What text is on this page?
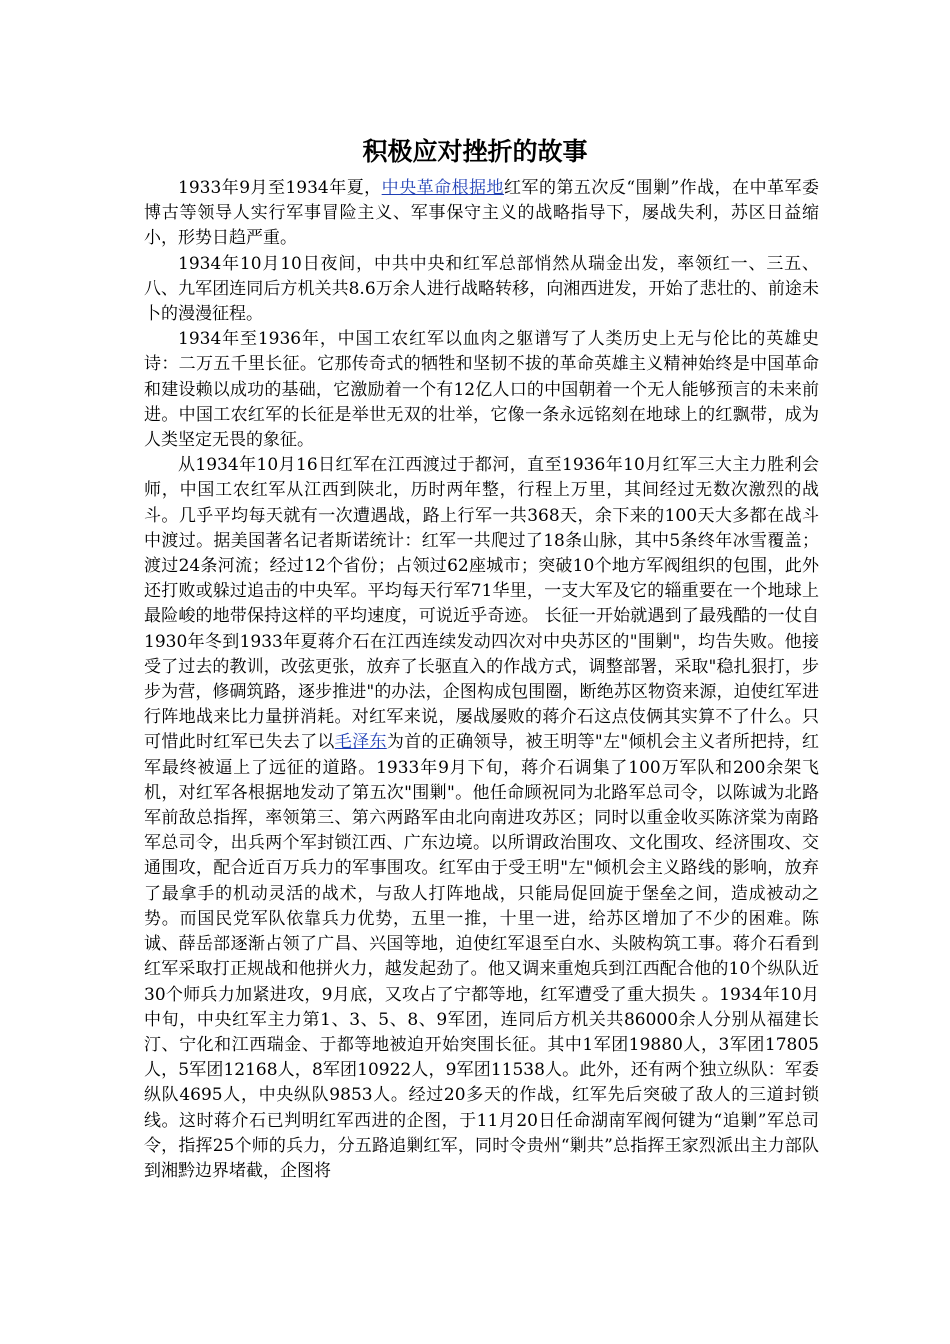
积极应对挫折的故事

1933年9月至1934年夏，中央革命根据地红军的第五次反“围剿”作战，在中革军委博古等领导人实行军事冒险主义、军事保守主义的战略指导下，屡战失利，苏区日益缩小，形势日趋严重。

1934年10月10日夜间，中共中央和红军总部悄然从瑞金出发，率领红一、三五、八、九军团连同后方机关共8.6万余人进行战略转移，向湘西进发，开始了悲壮的、前途未卜的漫漫征程。

1934年至1936年，中国工农红军以血肉之躯谱写了人类历史上无与伦比的英雄史诗：二万五千里长征。它那传奇式的牺牲和坚韧不拔的革命英雄主义精神始终是中国革命和建设赖以成功的基础，它激励着一个有12亿人口的中国朝着一个无人能够预言的未来前进。中国工农红军的长征是举世无双的壮举，它像一条永远铭刻在地球上的红飘带，成为人类坚定无畏的象征。

从1934年10月16日红军在江西渡过于都河，直至1936年10月红军三大主力胜利会师，中国工农红军从江西到陕北，历时两年整，行程上万里，其间经过无数次激烈的战斗。几乎平均每天就有一次遭遇战，路上行军一共368天，余下来的100天大多都在战斗中渡过。据美国著名记者斯诺统计：红军一共爬过了18条山脉，其中5条终年冰雪覆盖；渡过24条河流；经过12个省份；占领过62座城市；突破10个地方军阀组织的包围，此外还打败或躲过追击的中央军。平均每天行军71华里，一支大军及它的辎重要在一个地球上最险峻的地带保持这样的平均速度，可说近乎奇迹。 长征一开始就遇到了最残酷的一仗自1930年冬到1933年夏蒋介石在江西连续发动四次对中央苏区的"围剿"，均告失败。他接受了过去的教训，改弦更张，放弃了长驱直入的作战方式，调整部署，采取"稳扎狠打，步步为营，修碉筑路，逐步推进"的办法，企图构成包围圈，断绝苏区物资来源，迫使红军进行阵地战来比力量拼消耗。对红军来说，屡战屡败的蒋介石这点伎俩其实算不了什么。只可惜此时红军已失去了以毛泽东为首的正确领导，被王明等"左"倾机会主义者所把持，红军最终被逼上了远征的道路。1933年9月下旬，蒋介石调集了100万军队和200余架飞机，对红军各根据地发动了第五次"围剿"。他任命顾祝同为北路军总司令，以陈诚为北路军前敌总指挥，率领第三、第六两路军由北向南进攻苏区；同时以重金收买陈济棠为南路军总司令，出兵两个军封锁江西、广东边境。以所谓政治围攻、文化围攻、经济围攻、交通围攻，配合近百万兵力的军事围攻。红军由于受王明"左"倾机会主义路线的影响，放弃了最拿手的机动灵活的战术，与敌人打阵地战，只能局促回旋于堡垒之间，造成被动之势。而国民党军队依靠兵力优势，五里一推，十里一进，给苏区增加了不少的困难。陈诚、薛岳部逐渐占领了广昌、兴国等地，迫使红军退至白水、头陂构筑工事。蒋介石看到红军采取打正规战和他拼火力，越发起劲了。他又调来重炮兵到江西配合他的10个纵队近30个师兵力加紧进攻，9月底，又攻占了宁都等地，红军遭受了重大损失 。1934年10月中旬，中央红军主力第1、3、5、8、9军团，连同后方机关共86000余人分别从福建长汀、宁化和江西瑞金、于都等地被迫开始突围长征。其中1军团19880人，3军团17805人，5军团12168人，8军团10922人，9军团11538人。此外，还有两个独立纵队：军委纵队4695人，中央纵队9853人。经过20多天的作战，红军先后突破了敌人的三道封锁线。这时蒋介石已判明红军西进的企图，于11月20日任命湖南军阀何键为“追剿”军总司令，指挥25个师的兵力，分五路追剿红军，同时令贵州“剿共”总指挥王家烈派出主力部队到湘黔边界堵截，企图将
